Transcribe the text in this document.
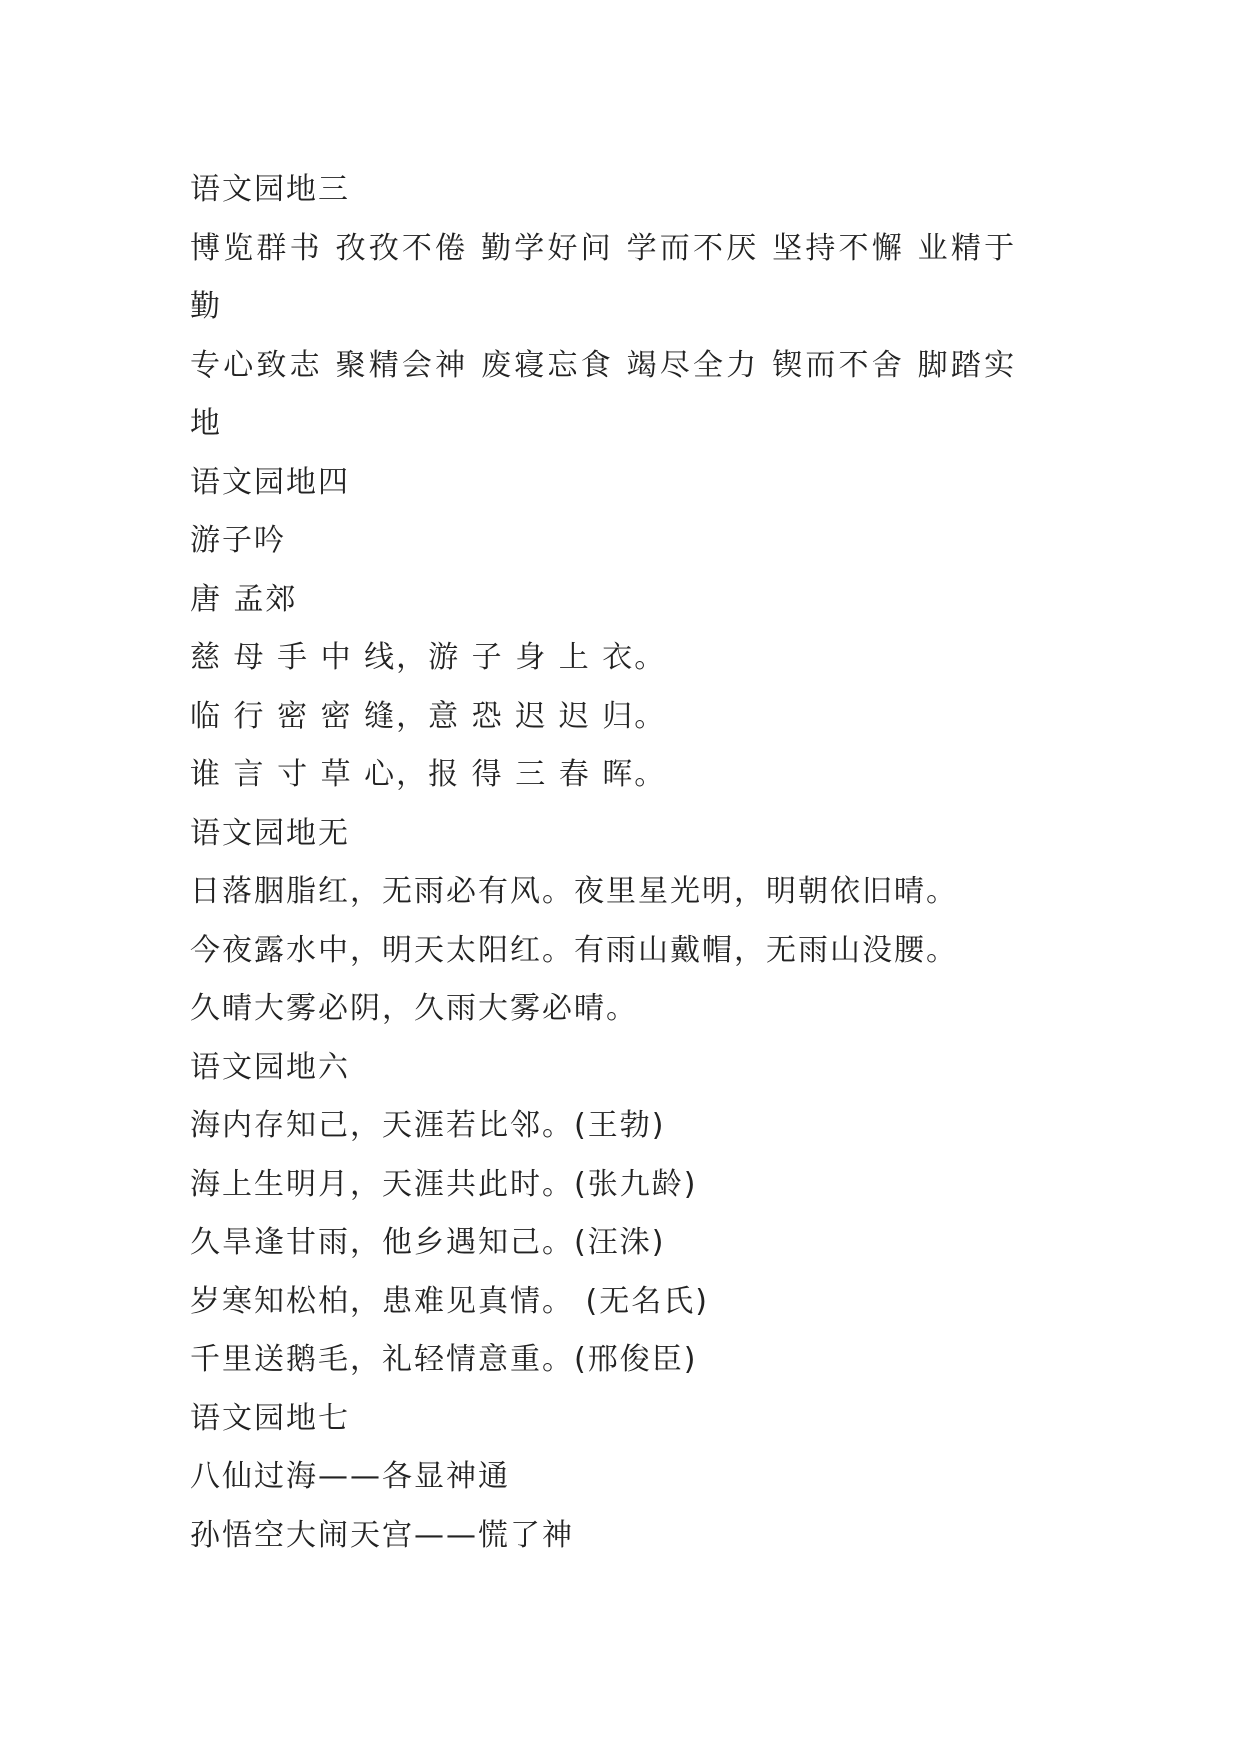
语文园地三
博览群书 孜孜不倦 勤学好问 学而不厌 坚持不懈 业精于勤
专心致志 聚精会神 废寝忘食 竭尽全力 锲而不舍 脚踏实地
语文园地四
游子吟
唐 孟郊
慈 母 手 中 线，游 子 身 上 衣。
临 行 密 密 缝，意 恐 迟 迟 归。
谁 言 寸 草 心，报 得 三 春 晖。
语文园地无
日落胭脂红，无雨必有风。夜里星光明，明朝依旧晴。
今夜露水中，明天太阳红。有雨山戴帽，无雨山没腰。
久晴大雾必阴，久雨大雾必晴。
语文园地六
海内存知己，天涯若比邻。(王勃)
海上生明月，天涯共此时。(张九龄)
久旱逢甘雨，他乡遇知己。(汪洙)
岁寒知松柏，患难见真情。 (无名氏)
千里送鹅毛，礼轻情意重。(邢俊臣)
语文园地七
八仙过海——各显神通
孙悟空大闹天宫——慌了神
